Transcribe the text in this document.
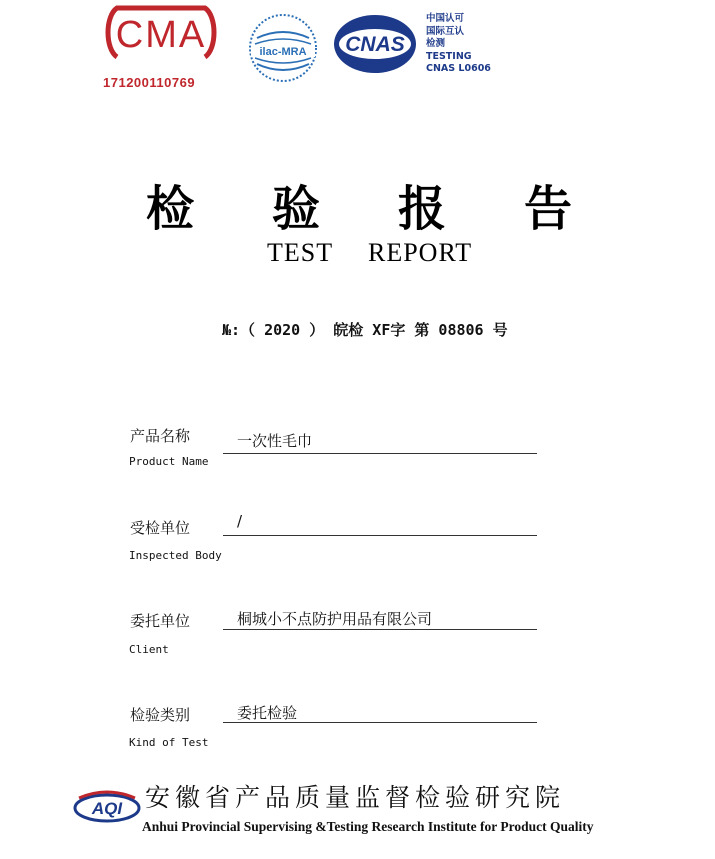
CMA
171200110769
ilac-MRA CNAS
中国认可
国际互认
检测
TESTING
CNAS L0606
检 验 报 告
TEST REPORT
№:（ 2020 ） 皖检 XF字 第 08806 号
产品名称
Product Name
一次性毛巾
受检单位
Inspected Body
/
委托单位
Client
桐城小不点防护用品有限公司
检验类别
Kind of Test
委托检验
AQI 安徽省产品质量监督检验研究院
Anhui Provincial Supervising &Testing Research Institute for Product Quality
